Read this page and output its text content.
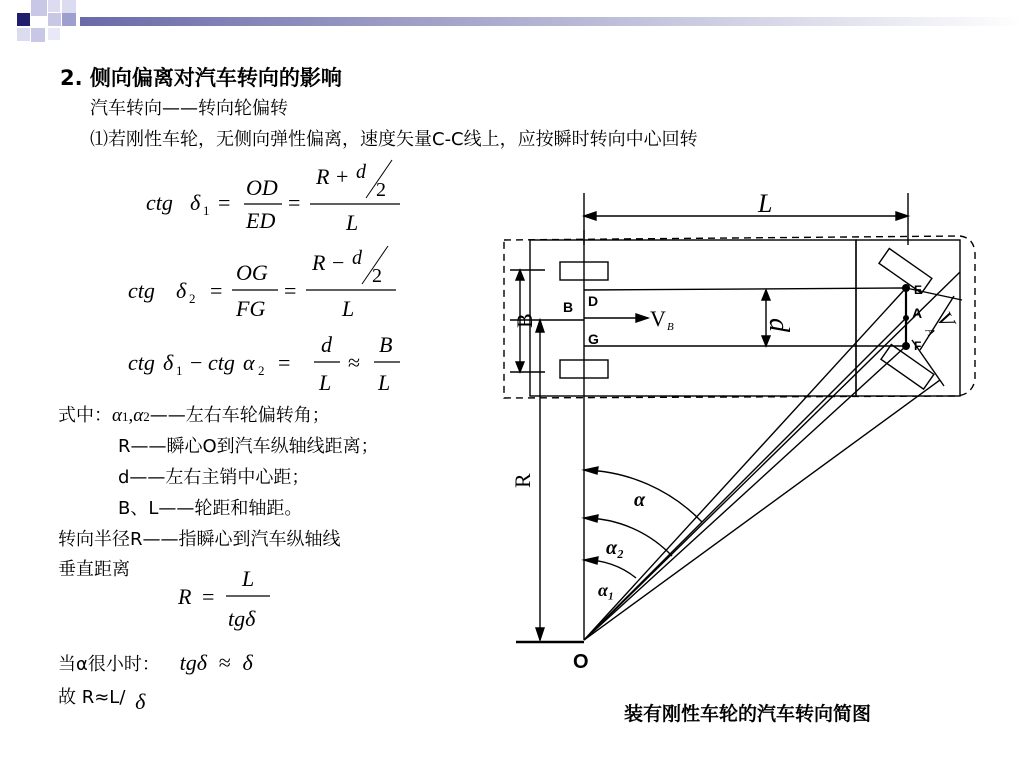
2. 侧向偏离对汽车转向的影响
汽车转向——转向轮偏转
⑴若刚性车轮，无侧向弹性偏离，速度矢量C-C线上，应按瞬时转向中心回转
ctg δ 1 =
OD
ED
=
R + d
2
L
ctg δ 2 =
OG
FG
=
R − d
2
L
ctg δ 1 − ctg α 2 =
d
L
≈
B
L
式中：α1,α2——左右车轮偏转角；
R——瞬心O到汽车纵轴线距离；
d——左右主销中心距；
B、L——轮距和轴距。
转向半径R——指瞬心到汽车纵轴线
垂直距离
R =
L
tgδ
当α很小时： tgδ ≈ δ
故 R≈L/ δ
L
B D
G
V B	d
B
E
A
F
V
A
R
α
α₂
α₁
O
装有刚性车轮的汽车转向简图
